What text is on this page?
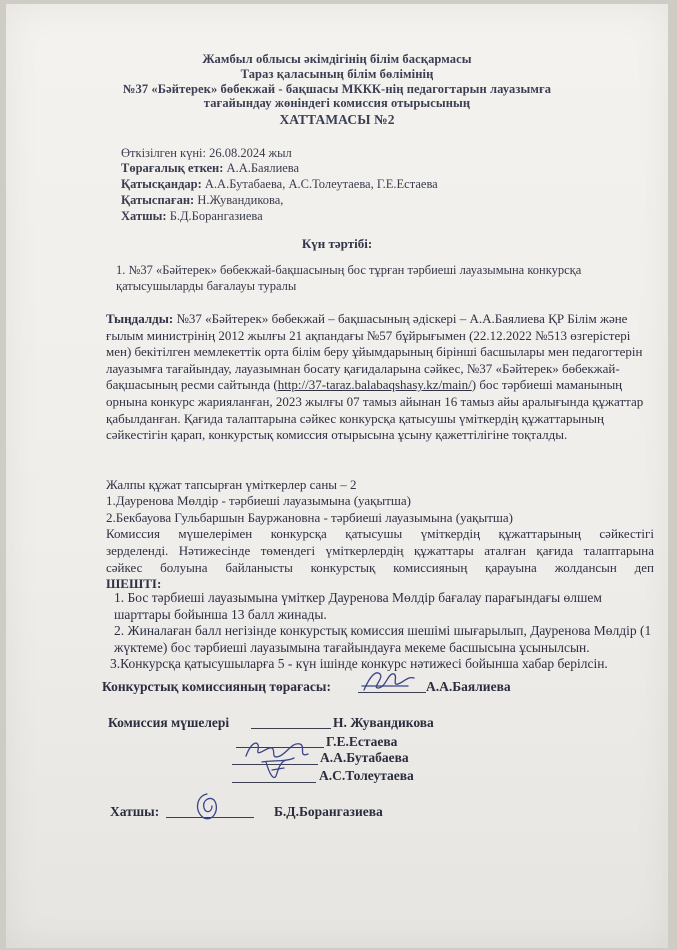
Жамбыл облысы әкімдігінің білім басқармасы
Тараз қаласының білім бөлімінің
№37 «Бәйтерек» бөбекжай - бақшасы МККК-нің педагогтарын лауазымға
тағайындау жөніндегі комиссия отырысының
ХАТТАМАСЫ №2
Өткізілген күні: 26.08.2024 жыл
Төрағалық еткен: А.А.Баялиева
Қатысқандар: А.А.Бутабаева, А.С.Толеутаева, Г.Е.Естаева
Қатыспаған: Н.Жувандикова,
Хатшы: Б.Д.Борангазиева
Күн тәртібі:
1. №37 «Бәйтерек» бөбекжай-бақшасының бос тұрған тәрбиеші лауазымына конкурсқа қатысушыларды бағалауы туралы
Тыңдалды: №37 «Бәйтерек» бөбекжай – бақшасының әдіскері – А.А.Баялиева ҚР Білім және ғылым министрінің 2012 жылғы 21 ақпандағы №57 бұйрығымен (22.12.2022 №513 өзгерістері мен) бекітілген мемлекеттік орта білім беру ұйымдарының бірінші басшылары мен педагогтерін лауазымға тағайындау, лауазымнан босату қағидаларына сәйкес, №37 «Бәйтерек» бөбекжай- бақшасының ресми сайтында (http://37-taraz.balabaqshasy.kz/main/) бос тәрбиеші маманының орнына конкурс жарияланған, 2023 жылғы 07 тамыз айынан 16 тамыз айы аралығында құжаттар қабылданған. Қағида талаптарына сәйкес конкурсқа қатысушы үміткердің құжаттарының сәйкестігін қарап, конкурстық комиссия отырысына ұсыну қажеттілігіне тоқталды.
Жалпы құжат тапсырған үміткерлер саны – 2
1.Дауренова Мөлдір - тәрбиеші лауазымына (уақытша)
2.Бекбауова Гульбаршын Бауржановна - тәрбиеші лауазымына (уақытша)
Комиссия мүшелерімен конкурсқа қатысушы үміткердің құжаттарының сәйкестігі
зерделенді. Нәтижесінде төмендегі үміткерлердің құжаттары аталған қағида талаптарына
сәйкес болуына байланысты конкурстық комиссияның қарауына жолдансын деп
ШЕШТІ:
1. Бос тәрбиеші лауазымына үміткер Дауренова Мөлдір бағалау парағындағы өлшем шарттары бойынша 13 балл жинады.
2. Жиналаған балл негізінде конкурстық комиссия шешімі шығарылып, Дауренова Мөлдір (1 жүктеме) бос тәрбиеші лауазымына тағайындауға мекеме басшысына ұсынылсын.
3.Конкурсқа қатысушыларға 5 - күн ішінде конкурс нәтижесі бойынша хабар берілсін.
Конкурстық комиссияның төрағасы:	А.А.Баялиева
Комиссия мүшелері	Н. Жувандикова
Г.Е.Естаева
А.А.Бутабаева
А.С.Толеутаева
Хатшы:	Б.Д.Борангазиева
